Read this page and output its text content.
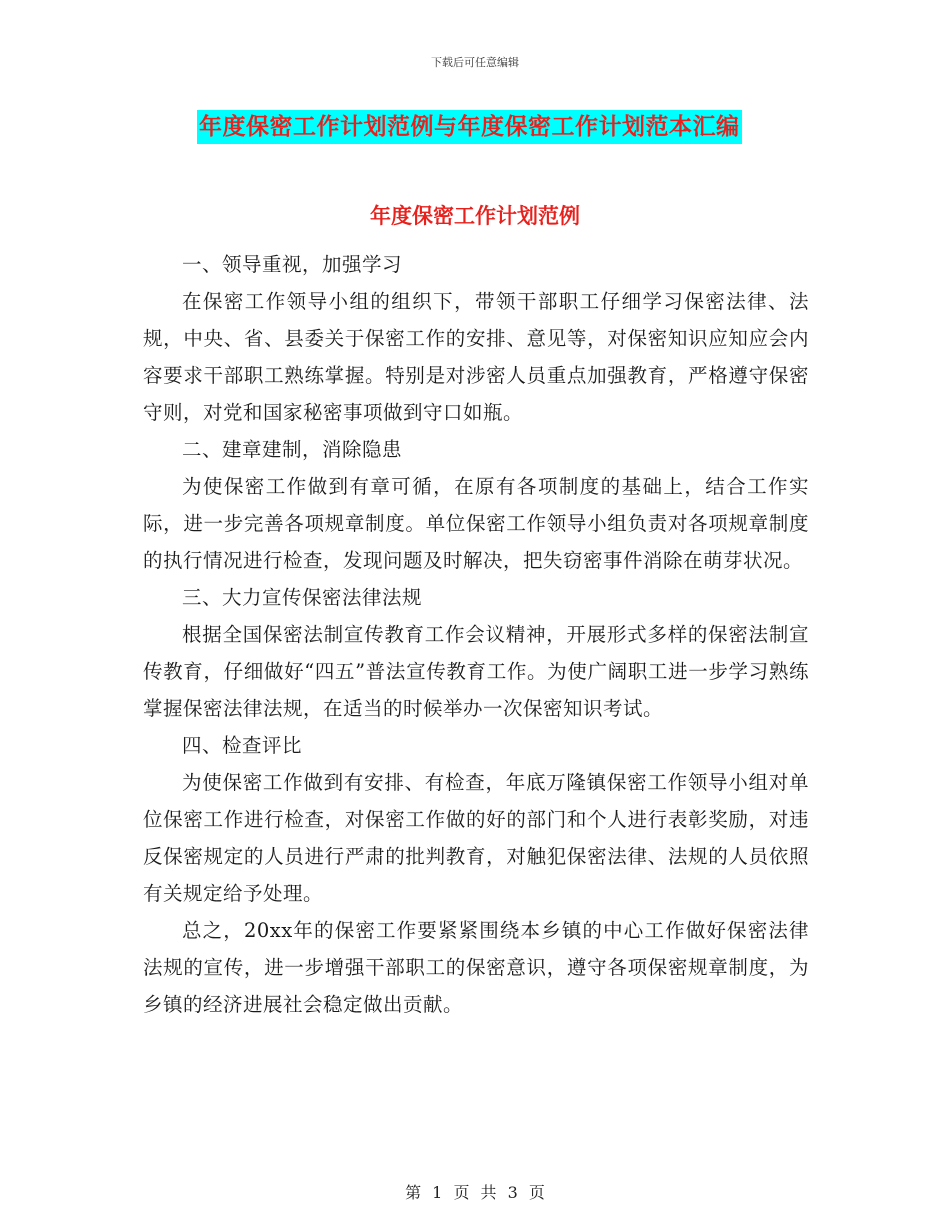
下载后可任意编辑
年度保密工作计划范例与年度保密工作计划范本汇编
年度保密工作计划范例

一、领导重视，加强学习

在保密工作领导小组的组织下，带领干部职工仔细学习保密法律、法规，中央、省、县委关于保密工作的安排、意见等，对保密知识应知应会内容要求干部职工熟练掌握。特别是对涉密人员重点加强教育，严格遵守保密守则，对党和国家秘密事项做到守口如瓶。

二、建章建制，消除隐患

为使保密工作做到有章可循，在原有各项制度的基础上，结合工作实际，进一步完善各项规章制度。单位保密工作领导小组负责对各项规章制度的执行情况进行检查，发现问题及时解决，把失窃密事件消除在萌芽状况。

三、大力宣传保密法律法规

根据全国保密法制宣传教育工作会议精神，开展形式多样的保密法制宣传教育，仔细做好“四五”普法宣传教育工作。为使广阔职工进一步学习熟练掌握保密法律法规，在适当的时候举办一次保密知识考试。

四、检查评比

为使保密工作做到有安排、有检查，年底万隆镇保密工作领导小组对单位保密工作进行检查，对保密工作做的好的部门和个人进行表彰奖励，对违反保密规定的人员进行严肃的批判教育，对触犯保密法律、法规的人员依照有关规定给予处理。

总之，20xx年的保密工作要紧紧围绕本乡镇的中心工作做好保密法律法规的宣传，进一步增强干部职工的保密意识，遵守各项保密规章制度，为乡镇的经济进展社会稳定做出贡献。

第 1 页 共 3 页
